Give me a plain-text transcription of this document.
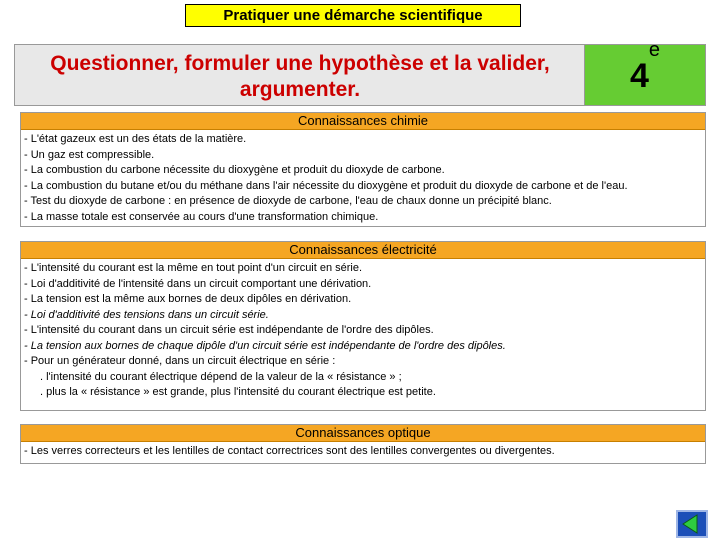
Pratiquer une démarche scientifique
Questionner, formuler une hypothèse et la valider, argumenter.	4e
Connaissances chimie
- L'état gazeux est un des états de la matière.
- Un gaz est compressible.
- La combustion du carbone nécessite du dioxygène et produit du dioxyde de carbone.
- La combustion du butane et/ou du méthane dans l'air nécessite du dioxygène et produit du dioxyde de carbone et de l'eau.
- Test du dioxyde de carbone : en présence de dioxyde de carbone, l'eau de chaux donne un précipité blanc.
- La masse totale est conservée au cours d'une transformation chimique.
Connaissances électricité
- L'intensité du courant est la même en tout point d'un circuit en série.
- Loi d'additivité de l'intensité dans un circuit comportant une dérivation.
- La tension est la même aux bornes de deux dipôles en dérivation.
- Loi d'additivité des tensions dans un circuit série.
- L'intensité du courant dans un circuit série est indépendante de l'ordre des dipôles.
- La tension aux bornes de chaque dipôle d'un circuit série est indépendante de l'ordre des dipôles.
- Pour un générateur donné, dans un circuit électrique en série :
. l'intensité du courant électrique dépend de la valeur de la « résistance » ;
. plus la « résistance » est grande, plus l'intensité du courant électrique est petite.
Connaissances optique
- Les verres correcteurs et les lentilles de contact correctrices sont des lentilles convergentes ou divergentes.
